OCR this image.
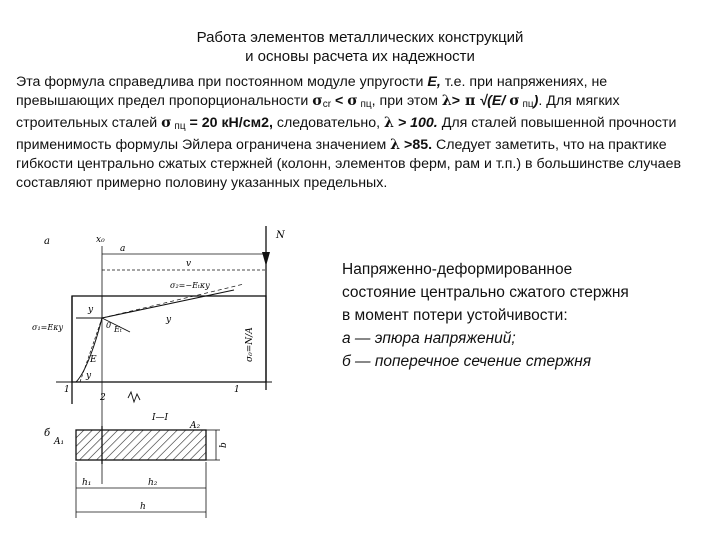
Работа элементов металлических конструкций
и основы расчета их надежности

Эта формула справедлива при постоянном модуле упругости E, т.е. при напряжениях, не превышающих предел пропорциональности $\sigma_{cr} < \sigma$ $_{пц}$, при этом λ> π √(E/ σ $_{пц}$). Для мягких строительных сталей σ $_{пц}$ = 20 кН/см2, следовательно, λ > 100. Для сталей повышенной прочности применимость формулы Эйлера ограничена значением λ >85. Следует заметить, что на практике гибкости центрально сжатых стержней (колонн, элементов ферм, рам и т.п.) в большинстве случаев составляют примерно половину указанных предельных.

а	x₀	N
a
v
σ₂=−Eₜκy
σ₁=Eκy
y
y
y
Eₜ
E
0
1	1
2
σ₀=N/A
I—I
б
A₁
A₂
b
h₁	h₂
h

Напряженно-деформированное

состояние центрально сжатого стержня

в момент потери устойчивости:

а — эпюра напряжений;

б — поперечное сечение стержня
